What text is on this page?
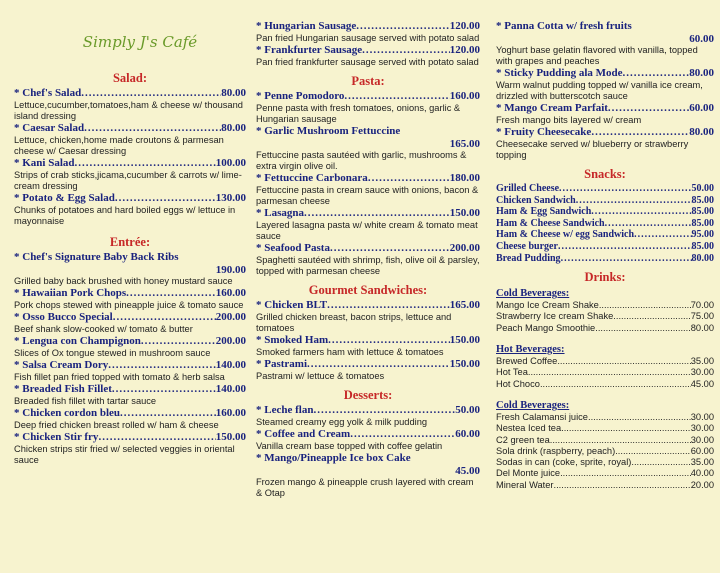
Simply J's Café
Salad:
* Chef's Salad .....	80.00
Lettuce,cucumber,tomatoes,ham & cheese w/ thousand island dressing
* Caesar Salad .....	80.00
Lettuce, chicken,home made croutons & parmesan cheese w/ Caesar dressing
* Kani Salad .....	100.00
Strips of crab sticks,jicama,cucumber & carrots w/ lime-cream dressing
* Potato & Egg Salad .....	130.00
Chunks of potatoes and hard boiled eggs w/ lettuce in mayonnaise
Entrée:
* Chef's Signature Baby Back Ribs
190.00
Grilled baby back brushed with honey mustard sauce
* Hawaiian Pork Chops .....	160.00
Pork chops stewed with pineapple juice & tomato sauce
* Osso Bucco Special .....	200.00
Beef shank slow-cooked w/ tomato & butter
* Lengua con Champignon .....	200.00
Slices of Ox tongue stewed in mushroom sauce
* Salsa Cream Dory .....	140.00
Fish fillet pan fried topped with tomato & herb salsa
* Breaded Fish Fillet .....	140.00
Breaded fish fillet with tartar sauce
* Chicken cordon bleu .....	160.00
Deep fried chicken breast rolled w/ ham & cheese
* Chicken Stir fry .....	150.00
Chicken strips stir fried w/ selected veggies in oriental sauce
* Hungarian Sausage .....	120.00
Pan fried Hungarian sausage served with potato salad
* Frankfurter Sausage .....	120.00
Pan fried frankfurter sausage served with potato salad
Pasta:
* Penne Pomodoro .....	160.00
Penne pasta with fresh tomatoes, onions, garlic & Hungarian sausage
* Garlic Mushroom Fettuccine
165.00
Fettuccine pasta sautéed with garlic, mushrooms & extra virgin olive oil.
* Fettuccine Carbonara .....	180.00
Fettuccine pasta in cream sauce with onions, bacon & parmesan cheese
* Lasagna .....	150.00
Layered lasagna pasta w/ white cream & tomato meat sauce
* Seafood Pasta .....	200.00
Spaghetti sautéed with shrimp, fish, olive oil & parsley, topped with parmesan cheese
Gourmet Sandwiches:
* Chicken BLT .....	165.00
Grilled chicken breast, bacon strips, lettuce and tomatoes
* Smoked Ham .....	150.00
Smoked farmers ham with lettuce & tomatoes
* Pastrami .....	150.00
Pastrami w/ lettuce & tomatoes
Desserts:
* Leche flan .....	50.00
Steamed creamy egg yolk & milk pudding
* Coffee and Cream .....	60.00
Vanilla cream base topped with coffee gelatin
* Mango/Pineapple Ice box Cake
45.00
Frozen mango & pineapple crush layered with cream & Otap
* Panna Cotta w/ fresh fruits
60.00
Yoghurt base gelatin flavored with vanilla, topped with grapes and peaches
* Sticky Pudding ala Mode .....	80.00
Warm walnut pudding topped w/ vanilla ice cream, drizzled with butterscotch sauce
* Mango Cream Parfait .....	60.00
Fresh mango bits layered w/ cream
* Fruity Cheesecake .....	80.00
Cheesecake served w/ blueberry or strawberry topping
Snacks:
Grilled Cheese .....	50.00
Chicken Sandwich .....	85.00
Ham & Egg Sandwich .....	85.00
Ham & Cheese Sandwich .....	85.00
Ham & Cheese w/ egg Sandwich .....	95.00
Cheese burger .....	85.00
Bread Pudding .....	80.00
Drinks:
Cold Beverages:
Mango Ice Cream Shake .....	70.00
Strawberry Ice cream Shake .....	75.00
Peach Mango Smoothie .....	80.00
Hot Beverages:
Brewed Coffee .....	35.00
Hot Tea .....	30.00
Hot Choco .....	45.00
Cold Beverages:
Fresh Calamansi juice .....	30.00
Nestea Iced tea .....	30.00
C2 green tea .....	30.00
Sola drink (raspberry, peach) .....	60.00
Sodas in can (coke, sprite, royal) .....	35.00
Del Monte juice .....	40.00
Mineral Water .....	20.00
